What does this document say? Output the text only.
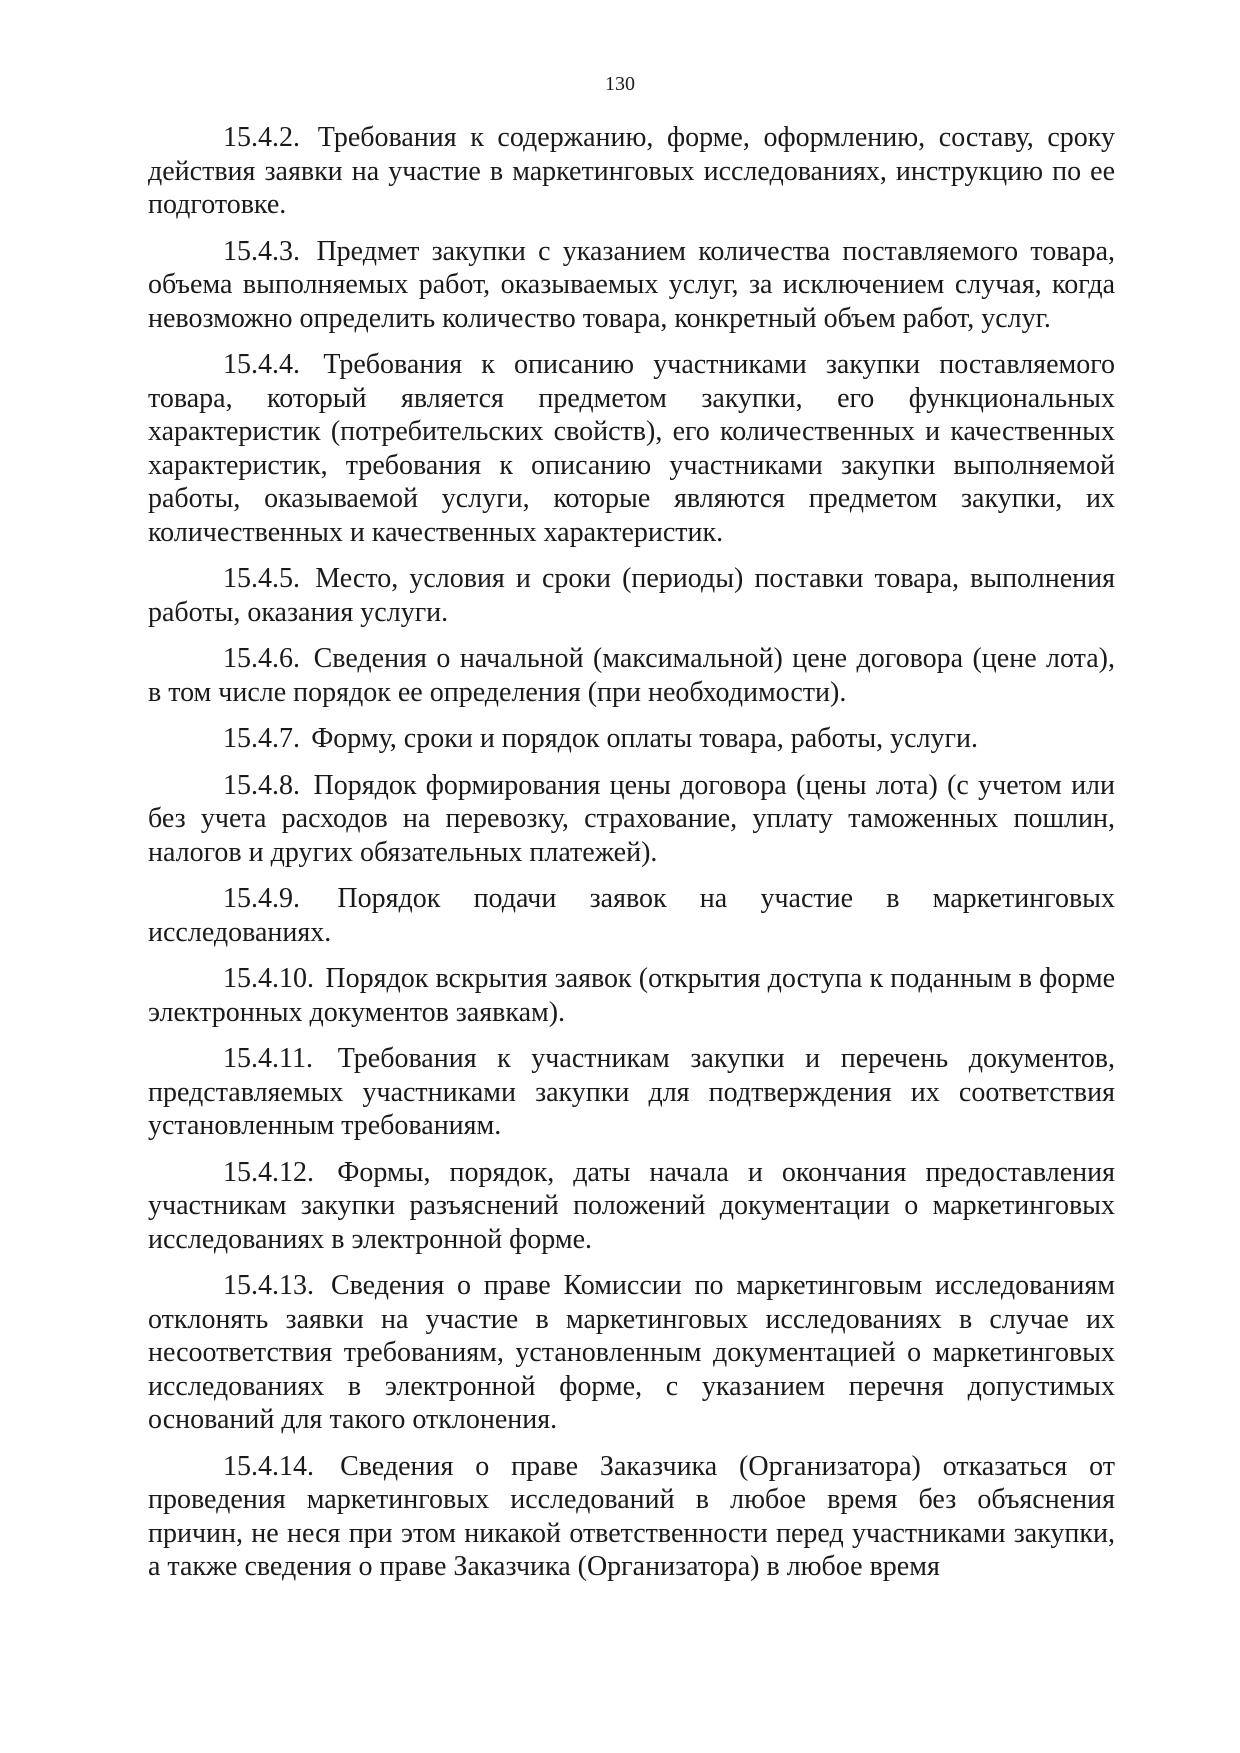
130

15.4.2. Требования к содержанию, форме, оформлению, составу, сроку действия заявки на участие в маркетинговых исследованиях, инструкцию по ее подготовке.

15.4.3. Предмет закупки с указанием количества поставляемого товара, объема выполняемых работ, оказываемых услуг, за исключением случая, когда невозможно определить количество товара, конкретный объем работ, услуг.

15.4.4. Требования к описанию участниками закупки поставляемого товара, который является предметом закупки, его функциональных характеристик (потребительских свойств), его количественных и качественных характеристик, требования к описанию участниками закупки выполняемой работы, оказываемой услуги, которые являются предметом закупки, их количественных и качественных характеристик.

15.4.5. Место, условия и сроки (периоды) поставки товара, выполнения работы, оказания услуги.

15.4.6. Сведения о начальной (максимальной) цене договора (цене лота), в том числе порядок ее определения (при необходимости).

15.4.7. Форму, сроки и порядок оплаты товара, работы, услуги.

15.4.8. Порядок формирования цены договора (цены лота) (с учетом или без учета расходов на перевозку, страхование, уплату таможенных пошлин, налогов и других обязательных платежей).

15.4.9. Порядок подачи заявок на участие в маркетинговых исследованиях.

15.4.10. Порядок вскрытия заявок (открытия доступа к поданным в форме электронных документов заявкам).

15.4.11. Требования к участникам закупки и перечень документов, представляемых участниками закупки для подтверждения их соответствия установленным требованиям.

15.4.12. Формы, порядок, даты начала и окончания предоставления участникам закупки разъяснений положений документации о маркетинговых исследованиях в электронной форме.

15.4.13. Сведения о праве Комиссии по маркетинговым исследованиям отклонять заявки на участие в маркетинговых исследованиях в случае их несоответствия требованиям, установленным документацией о маркетинговых исследованиях в электронной форме, с указанием перечня допустимых оснований для такого отклонения.

15.4.14. Сведения о праве Заказчика (Организатора) отказаться от проведения маркетинговых исследований в любое время без объяснения причин, не неся при этом никакой ответственности перед участниками закупки, а также сведения о праве Заказчика (Организатора) в любое время
